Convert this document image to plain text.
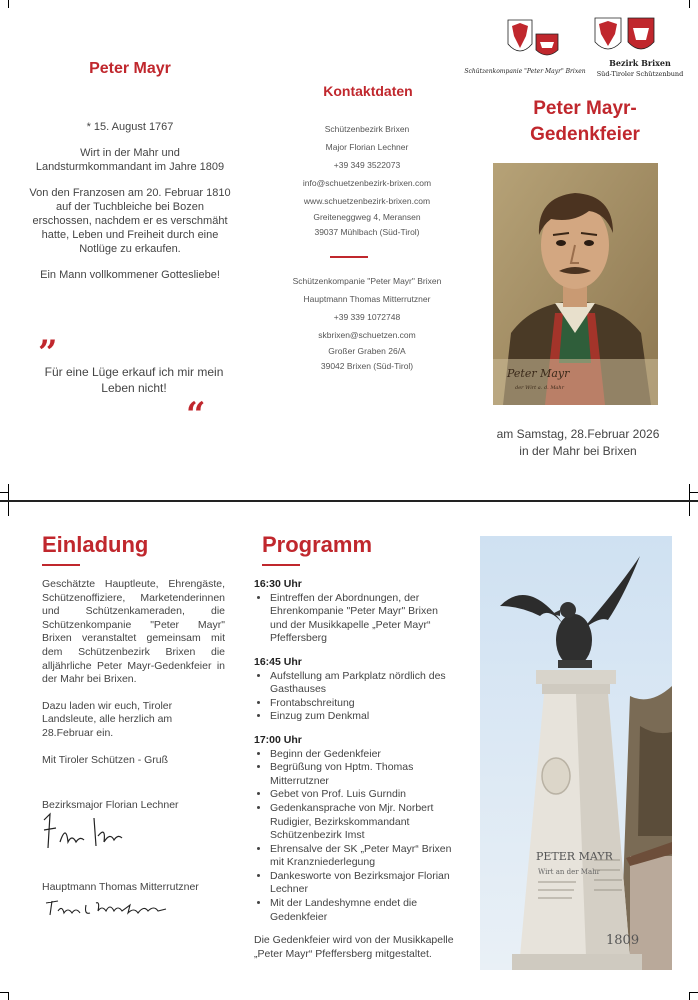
Peter Mayr

* 15. August 1767

Wirt in der Mahr und Landsturmkommandant im Jahre 1809

Von den Franzosen am 20. Februar 1810 auf der Tuchbleiche bei Bozen erschossen, nachdem er es verschmäht hatte, Leben und Freiheit durch eine Notlüge zu erkaufen.

Ein Mann vollkommener Gottesliebe!

”
Für eine Lüge erkauf ich mir mein Leben nicht!
“
Kontaktdaten
Schützenbezirk Brixen
Major Florian Lechner
+39 349 3522073
info@schuetzenbezirk-brixen.com
www.schuetzenbezirk-brixen.com
Greiteneggweg 4, Meransen
39037 Mühlbach (Süd-Tirol)
Schützenkompanie "Peter Mayr" Brixen
Hauptmann Thomas Mitterrutzner
+39 339 1072748
skbrixen@schuetzen.com
Großer Graben 26/A
39042 Brixen (Süd-Tirol)
Schützenkompanie "Peter Mayr" Brixen
Bezirk Brixen
Süd-Tiroler Schützenbund
Peter Mayr-
Gedenkfeier
Peter Mayr
der Wirt a. d. Mahr
am Samstag, 28.Februar 2026
in der Mahr bei Brixen
Einladung

Geschätzte Hauptleute, Ehrengäste, Schützenoffiziere, Marketenderinnen und Schützenkameraden, die Schützenkompanie "Peter Mayr" Brixen veranstaltet gemeinsam mit dem Schützenbezirk Brixen die alljährliche Peter Mayr-Gedenkfeier in der Mahr bei Brixen.

Dazu laden wir euch, Tiroler Landsleute, alle herzlich am 28.Februar ein.

Mit Tiroler Schützen - Gruß

Bezirksmajor Florian Lechner

Hauptmann Thomas Mitterrutzner
Programm
16:30 Uhr
• Eintreffen der Abordnungen, der Ehrenkompanie "Peter Mayr" Brixen und der Musikkapelle „Peter Mayr“ Pfeffersberg
16:45 Uhr
• Aufstellung am Parkplatz nördlich des Gasthauses
• Frontabschreitung
• Einzug zum Denkmal
17:00 Uhr
• Beginn der Gedenkfeier
• Begrüßung von Hptm. Thomas Mitterrutzner
• Gebet von Prof. Luis Gurndin
• Gedenkansprache von Mjr. Norbert Rudigier, Bezirkskommandant Schützenbezirk Imst
• Ehrensalve der SK „Peter Mayr“ Brixen mit Kranzniederlegung
• Dankesworte von Bezirksmajor Florian Lechner
• Mit der Landeshymne endet die Gedenkfeier
Die Gedenkfeier wird von der Musikkapelle „Peter Mayr“ Pfeffersberg mitgestaltet.
PETER MAYR
Wirt an der Mahr
1809
